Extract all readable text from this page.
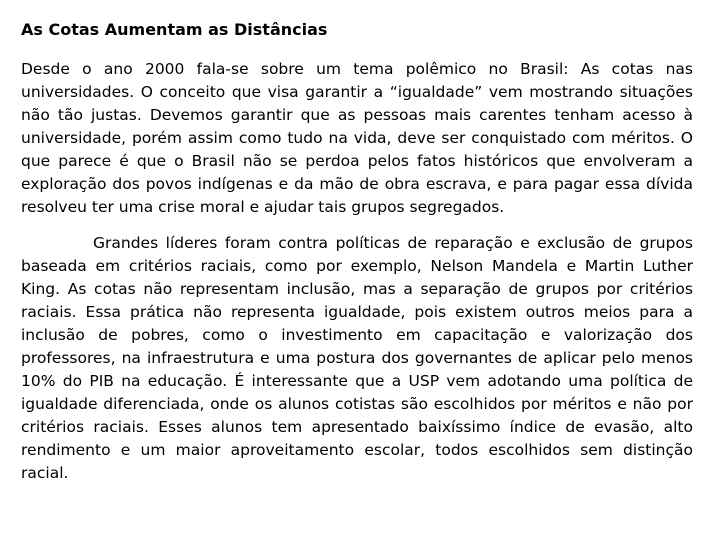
As Cotas Aumentam as Distâncias

Desde o ano 2000 fala-se sobre um tema polêmico no Brasil: As cotas nas universidades. O conceito que visa garantir a “igualdade” vem mostrando situações não tão justas. Devemos garantir que as pessoas mais carentes tenham acesso à universidade, porém assim como tudo na vida, deve ser conquistado com méritos. O que parece é que o Brasil não se perdoa pelos fatos históricos que envolveram a exploração dos povos indígenas e da mão de obra escrava, e para pagar essa dívida resolveu ter uma crise moral e ajudar tais grupos segregados.

Grandes líderes foram contra políticas de reparação e exclusão de grupos baseada em critérios raciais, como por exemplo, Nelson Mandela e Martin Luther King. As cotas não representam inclusão, mas a separação de grupos por critérios raciais. Essa prática não representa igualdade, pois existem outros meios para a inclusão de pobres, como o investimento em capacitação e valorização dos professores, na infraestrutura e uma postura dos governantes de aplicar pelo menos 10% do PIB na educação. É interessante que a USP vem adotando uma política de igualdade diferenciada, onde os alunos cotistas são escolhidos por méritos e não por critérios raciais. Esses alunos tem apresentado baixíssimo índice de evasão, alto rendimento e um maior aproveitamento escolar, todos escolhidos sem distinção racial.
